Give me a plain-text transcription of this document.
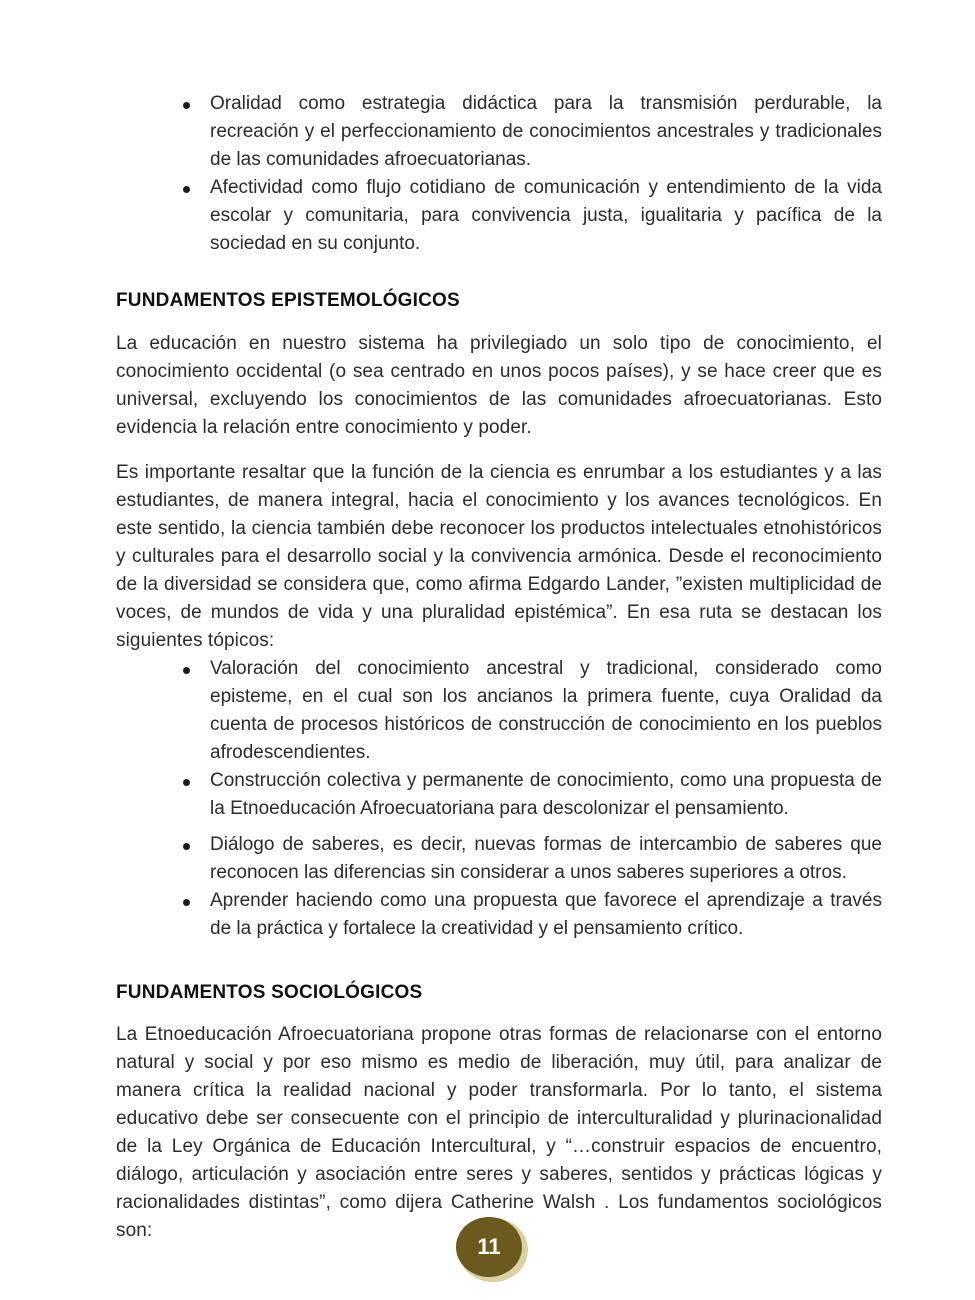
Oralidad como estrategia didáctica para la transmisión perdurable, la recreación y el perfeccionamiento de conocimientos ancestrales y tradicionales de las comunidades afroecuatorianas.
Afectividad como flujo cotidiano de comunicación y entendimiento de la vida escolar y comunitaria, para convivencia justa, igualitaria y pacífica de la sociedad en su conjunto.
FUNDAMENTOS EPISTEMOLÓGICOS

La educación en nuestro sistema ha privilegiado un solo tipo de conocimiento, el conocimiento occidental (o sea centrado en unos pocos países), y se hace creer que es universal, excluyendo los conocimientos de las comunidades afroecuatorianas. Esto evidencia la relación entre conocimiento y poder.

Es importante resaltar que la función de la ciencia es enrumbar a los estudiantes y a las estudiantes, de manera integral, hacia el conocimiento y los avances tecnológicos. En este sentido, la ciencia también debe reconocer los productos intelectuales etnohistóricos y culturales para el desarrollo social y la convivencia armónica. Desde el reconocimiento de la diversidad se considera que, como afirma Edgardo Lander, ”existen multiplicidad de voces, de mundos de vida y una pluralidad epistémica”. En esa ruta se destacan los siguientes tópicos:

Valoración del conocimiento ancestral y tradicional, considerado como episteme, en el cual son los ancianos la primera fuente, cuya Oralidad da cuenta de procesos históricos de construcción de conocimiento en los pueblos afrodescendientes.
Construcción colectiva y permanente de conocimiento, como una propuesta de la Etnoeducación Afroecuatoriana para descolonizar el pensamiento.
Diálogo de saberes, es decir, nuevas formas de intercambio de saberes que reconocen las diferencias sin considerar a unos saberes superiores a otros.
Aprender haciendo como una propuesta que favorece el aprendizaje a través de la práctica y fortalece la creatividad y el pensamiento crítico.
FUNDAMENTOS SOCIOLÓGICOS

La Etnoeducación Afroecuatoriana propone otras formas de relacionarse con el entorno natural y social y por eso mismo es medio de liberación, muy útil, para analizar de manera crítica la realidad nacional y poder transformarla. Por lo tanto, el sistema educativo debe ser consecuente con el principio de interculturalidad y plurinacionalidad de la Ley Orgánica de Educación Intercultural, y “…construir espacios de encuentro, diálogo, articulación y asociación entre seres y saberes, sentidos y prácticas lógicas y racionalidades distintas”, como dijera Catherine Walsh . Los fundamentos sociológicos son:

11
